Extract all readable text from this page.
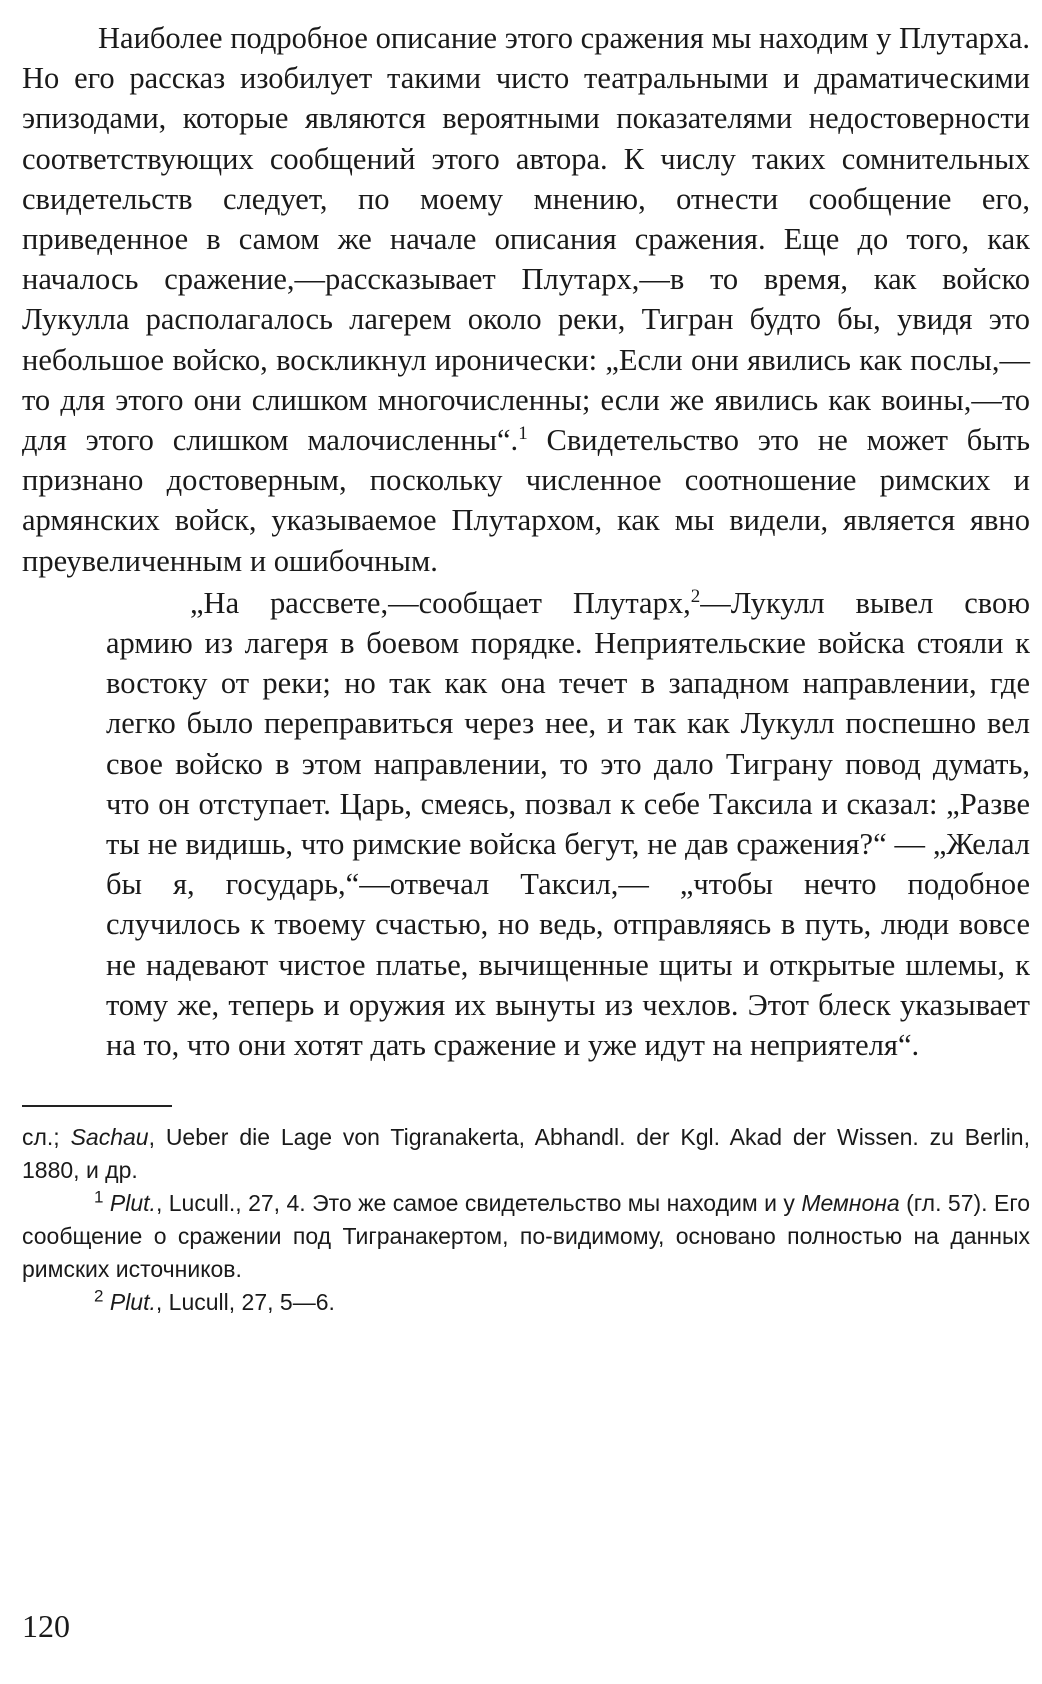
Наиболее подробное описание этого сражения мы находим у Плутарха. Но его рассказ изобилует такими чисто театральными и драматическими эпизодами, которые являются вероятными показателями недостоверности соответствующих сообщений этого автора. К числу таких сомнительных свидетельств следует, по моему мнению, отнести сообщение его, приведенное в самом же начале описания сражения. Еще до того, как началось сражение,—рассказывает Плутарх,—в то время, как войско Лукулла располагалось лагерем около реки, Тигран будто бы, увидя это небольшое войско, воскликнул иронически: „Если они явились как послы,—то для этого они слишком многочисленны; если же явились как воины,—то для этого слишком малочисленны“.$^1$ Свидетельство это не может быть признано достоверным, поскольку численное соотношение римских и армянских войск, указываемое Плутархом, как мы видели, является явно преувеличенным и ошибочным.

„На рассвете,—сообщает Плутарх,$^2$—Лукулл вывел свою армию из лагеря в боевом порядке. Неприятельские войска стояли к востоку от реки; но так как она течет в западном направлении, где легко было переправиться через нее, и так как Лукулл поспешно вел свое войско в этом направлении, то это дало Тиграну повод думать, что он отступает. Царь, смеясь, позвал к себе Таксила и сказал: „Разве ты не видишь, что римские войска бегут, не дав сражения?“ — „Желал бы я, государь,“—отвечал Таксил,— „чтобы нечто подобное случилось к твоему счастью, но ведь, отправляясь в путь, люди вовсе не надевают чистое платье, вычищенные щиты и открытые шлемы, к тому же, теперь и оружия их вынуты из чехлов. Этот блеск указывает на то, что они хотят дать сражение и уже идут на неприятеля“.

сл.; Sachau, Ueber die Lage von Tigranakerta, Abhandl. der Kgl. Akad der Wissen. zu Berlin, 1880, и др.

$^1$ Plut., Lucull., 27, 4. Это же самое свидетельство мы находим и у Мемнона (гл. 57). Его сообщение о сражении под Тигранакертом, по-видимому, основано полностью на данных римских источников.

$^2$ Plut., Lucull, 27, 5—6.

120
